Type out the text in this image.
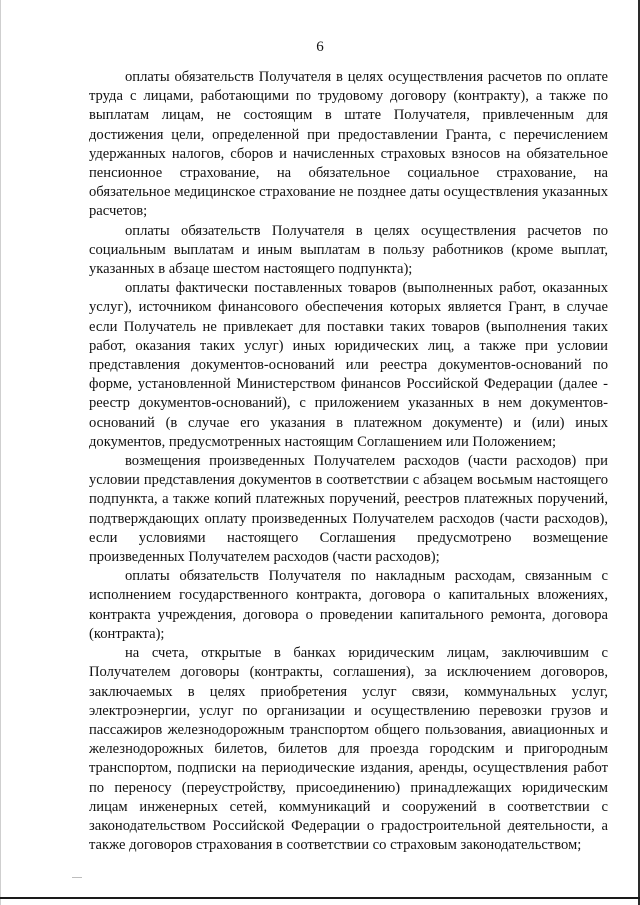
6

оплаты обязательств Получателя в целях осуществления расчетов по оплате труда с лицами, работающими по трудовому договору (контракту), а также по выплатам лицам, не состоящим в штате Получателя, привлеченным для достижения цели, определенной при предоставлении Гранта, с перечислением удержанных налогов, сборов и начисленных страховых взносов на обязательное пенсионное страхование, на обязательное социальное страхование, на обязательное медицинское страхование не позднее даты осуществления указанных расчетов;

оплаты обязательств Получателя в целях осуществления расчетов по социальным выплатам и иным выплатам в пользу работников (кроме выплат, указанных в абзаце шестом настоящего подпункта);

оплаты фактически поставленных товаров (выполненных работ, оказанных услуг), источником финансового обеспечения которых является Грант, в случае если Получатель не привлекает для поставки таких товаров (выполнения таких работ, оказания таких услуг) иных юридических лиц, а также при условии представления документов-оснований или реестра документов-оснований по форме, установленной Министерством финансов Российской Федерации (далее - реестр документов-оснований), с приложением указанных в нем документов-оснований (в случае его указания в платежном документе) и (или) иных документов, предусмотренных настоящим Соглашением или Положением;

возмещения произведенных Получателем расходов (части расходов) при условии представления документов в соответствии с абзацем восьмым настоящего подпункта, а также копий платежных поручений, реестров платежных поручений, подтверждающих оплату произведенных Получателем расходов (части расходов), если условиями настоящего Соглашения предусмотрено возмещение произведенных Получателем расходов (части расходов);

оплаты обязательств Получателя по накладным расходам, связанным с исполнением государственного контракта, договора о капитальных вложениях, контракта учреждения, договора о проведении капитального ремонта, договора (контракта);

на счета, открытые в банках юридическим лицам, заключившим с Получателем договоры (контракты, соглашения), за исключением договоров, заключаемых в целях приобретения услуг связи, коммунальных услуг, электроэнергии, услуг по организации и осуществлению перевозки грузов и пассажиров железнодорожным транспортом общего пользования, авиационных и железнодорожных билетов, билетов для проезда городским и пригородным транспортом, подписки на периодические издания, аренды, осуществления работ по переносу (переустройству, присоединению) принадлежащих юридическим лицам инженерных сетей, коммуникаций и сооружений в соответствии с законодательством Российской Федерации о градостроительной деятельности, а также договоров страхования в соответствии со страховым законодательством;
